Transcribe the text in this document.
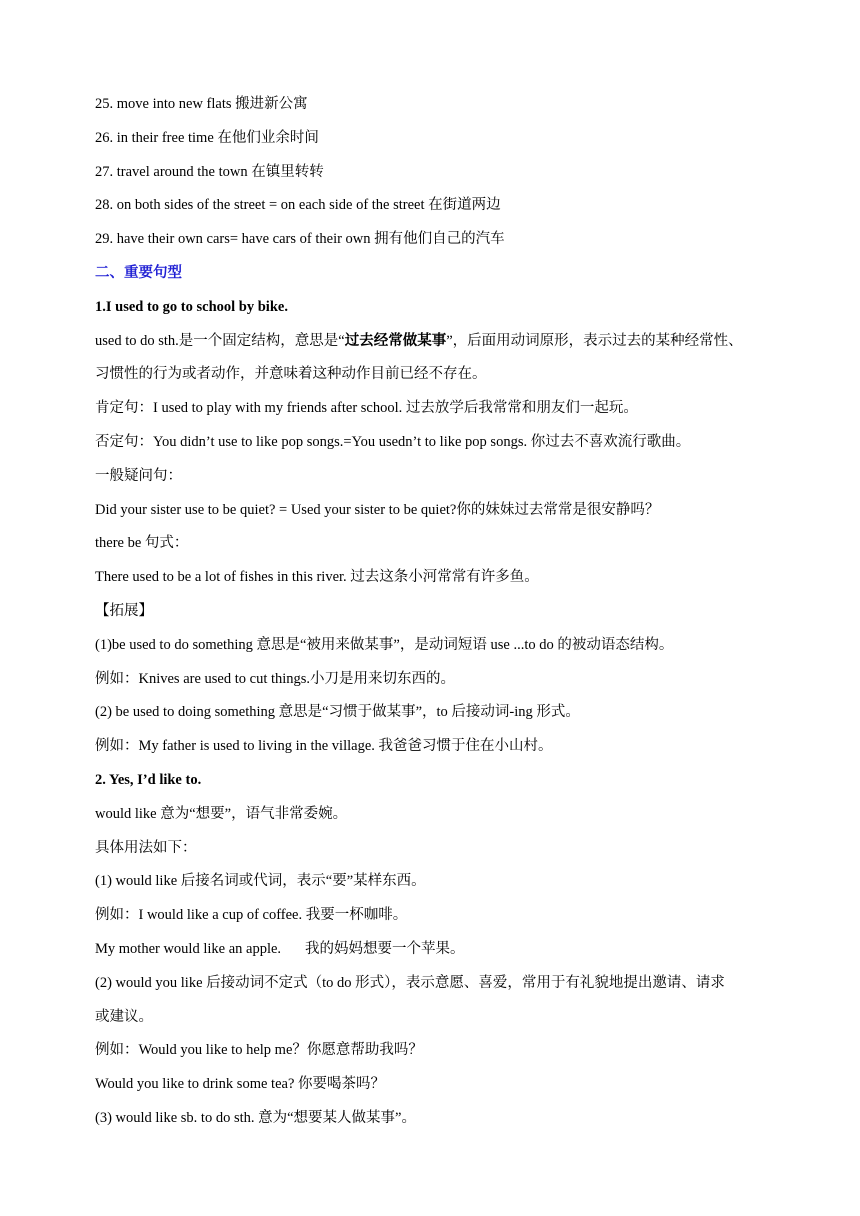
25. move into new flats 搬进新公寓
26. in their free time 在他们业余时间
27. travel around the town 在镇里转转
28. on both sides of the street = on each side of the street 在街道两边
29. have their own cars= have cars of their own 拥有他们自己的汽车
二、重要句型
1.I used to go to school by bike.
used to do sth.是一个固定结构，意思是“过去经常做某事”，后面用动词原形，表示过去的某种经常性、
习惯性的行为或者动作，并意味着这种动作目前已经不存在。
肯定句：I used to play with my friends after school. 过去放学后我常常和朋友们一起玩。
否定句：You didn’t use to like pop songs.=You usedn’t to like pop songs. 你过去不喜欢流行歌曲。
一般疑问句：
Did your sister use to be quiet? = Used your sister to be quiet?你的妹妹过去常常是很安静吗？
there be 句式：
There used to be a lot of fishes in this river. 过去这条小河常常有许多鱼。
【拓展】
(1)be used to do something 意思是“被用来做某事”，是动词短语 use ...to do 的被动语态结构。
例如：Knives are used to cut things.小刀是用来切东西的。
(2) be used to doing something 意思是“习惯于做某事”，to 后接动词-ing 形式。
例如：My father is used to living in the village. 我爸爸习惯于住在小山村。
2. Yes, I’d like to.
would like 意为“想要”，语气非常委婉。
具体用法如下：
(1) would like 后接名词或代词，表示“要”某样东西。
例如：I would like a cup of coffee. 我要一杯咖啡。
My mother would like an apple. 我的妈妈想要一个苹果。
(2) would you like 后接动词不定式（to do 形式），表示意愿、喜爱，常用于有礼貌地提出邀请、请求
或建议。
例如：Would you like to help me？你愿意帮助我吗？
Would you like to drink some tea? 你要喝茶吗？
(3) would like sb. to do sth. 意为“想要某人做某事”。
